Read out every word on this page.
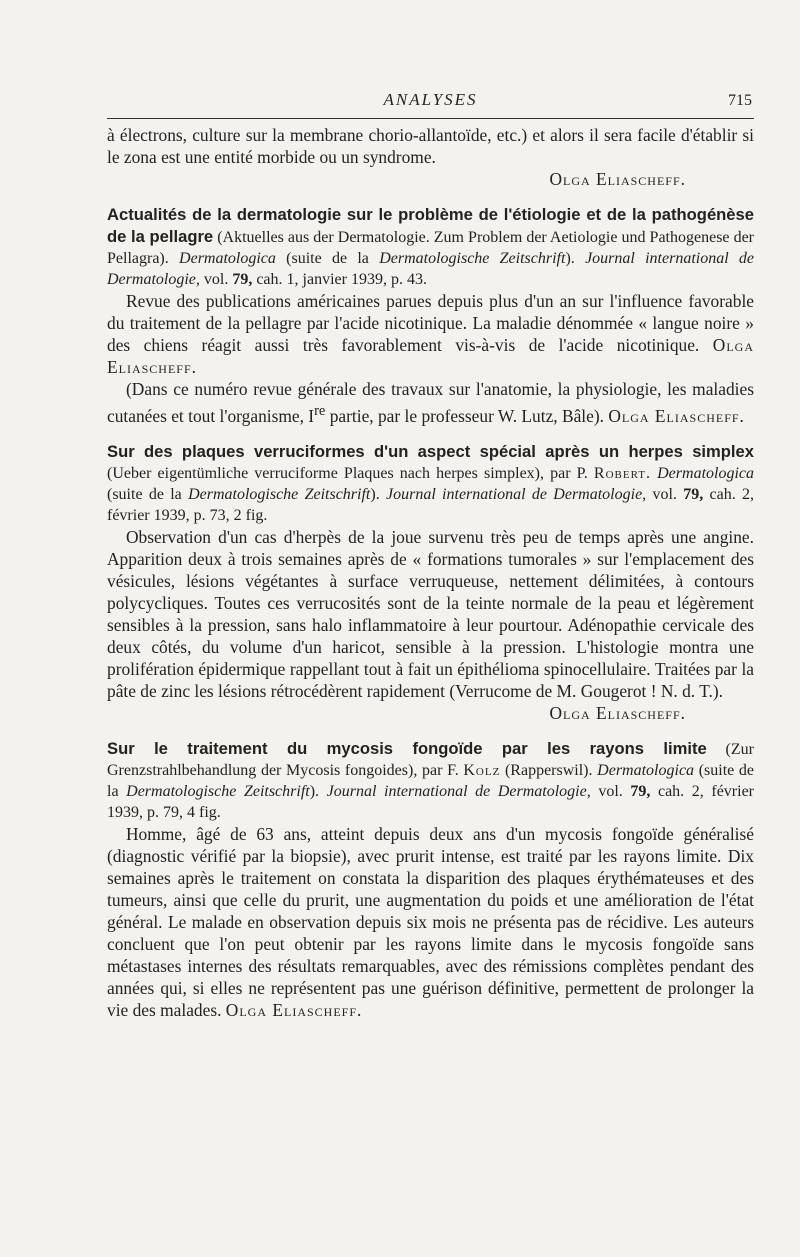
ANALYSES	715

à électrons, culture sur la membrane chorio-allantoïde, etc.) et alors il sera facile d'établir si le zona est une entité morbide ou un syndrome.

Olga Eliascheff.

Actualités de la dermatologie sur le problème de l'étiologie et de la pathogénèse de la pellagre (Aktuelles aus der Dermatologie. Zum Problem der Aetiologie und Pathogenese der Pellagra). Dermatologica (suite de la Dermatologische Zeitschrift). Journal international de Dermatologie, vol. 79, cah. 1, janvier 1939, p. 43.

Revue des publications américaines parues depuis plus d'un an sur l'influence favorable du traitement de la pellagre par l'acide nicotinique. La maladie dénommée « langue noire » des chiens réagit aussi très favorablement vis-à-vis de l'acide nicotinique. Olga Eliascheff.

(Dans ce numéro revue générale des travaux sur l'anatomie, la physiologie, les maladies cutanées et tout l'organisme, Ire partie, par le professeur W. Lutz, Bâle). Olga Eliascheff.

Sur des plaques verruciformes d'un aspect spécial après un herpes simplex (Ueber eigentümliche verruciforme Plaques nach herpes simplex), par P. Robert. Dermatologica (suite de la Dermatologische Zeitschrift). Journal international de Dermatologie, vol. 79, cah. 2, février 1939, p. 73, 2 fig.

Observation d'un cas d'herpès de la joue survenu très peu de temps après une angine. Apparition deux à trois semaines après de « formations tumorales » sur l'emplacement des vésicules, lésions végétantes à surface verruqueuse, nettement délimitées, à contours polycycliques. Toutes ces verrucosités sont de la teinte normale de la peau et légèrement sensibles à la pression, sans halo inflammatoire à leur pourtour. Adénopathie cervicale des deux côtés, du volume d'un haricot, sensible à la pression. L'histologie montra une prolifération épidermique rappellant tout à fait un épithélioma spinocellulaire. Traitées par la pâte de zinc les lésions rétrocédèrent rapidement (Verrucome de M. Gougerot ! N. d. T.).

Olga Eliascheff.

Sur le traitement du mycosis fongoïde par les rayons limite (Zur Grenzstrahlbehandlung der Mycosis fongoides), par F. Kolz (Rapperswil). Dermatologica (suite de la Dermatologische Zeitschrift). Journal international de Dermatologie, vol. 79, cah. 2, février 1939, p. 79, 4 fig.

Homme, âgé de 63 ans, atteint depuis deux ans d'un mycosis fongoïde généralisé (diagnostic vérifié par la biopsie), avec prurit intense, est traité par les rayons limite. Dix semaines après le traitement on constata la disparition des plaques érythémateuses et des tumeurs, ainsi que celle du prurit, une augmentation du poids et une amélioration de l'état général. Le malade en observation depuis six mois ne présenta pas de récidive. Les auteurs concluent que l'on peut obtenir par les rayons limite dans le mycosis fongoïde sans métastases internes des résultats remarquables, avec des rémissions complètes pendant des années qui, si elles ne représentent pas une guérison définitive, permettent de prolonger la vie des malades. Olga Eliascheff.
